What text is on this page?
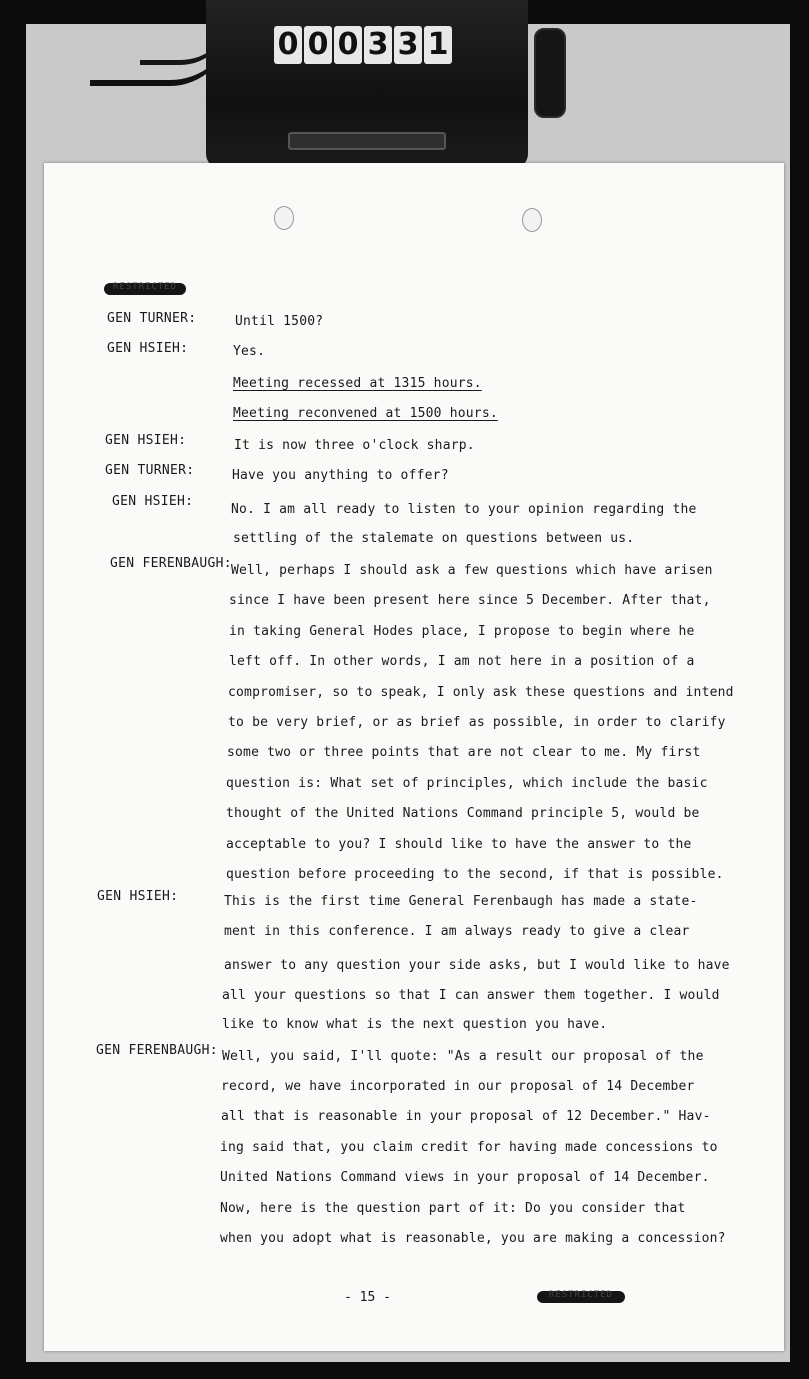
0 0 0 3 3 1
RESTRICTED
GEN TURNER:
GEN HSIEH:
GEN HSIEH:
GEN TURNER:
GEN HSIEH:
GEN FERENBAUGH:
GEN HSIEH:
GEN FERENBAUGH:
Until 1500?
Yes.
Meeting recessed at 1315 hours.
Meeting reconvened at 1500 hours.
It is now three o'clock sharp.
Have you anything to offer?
No. I am all ready to listen to your opinion regarding the
settling of the stalemate on questions between us.
Well, perhaps I should ask a few questions which have arisen
since I have been present here since 5 December. After that,
in taking General Hodes place, I propose to begin where he
left off. In other words, I am not here in a position of a
compromiser, so to speak, I only ask these questions and intend
to be very brief, or as brief as possible, in order to clarify
some two or three points that are not clear to me. My first
question is: What set of principles, which include the basic
thought of the United Nations Command principle 5, would be
acceptable to you? I should like to have the answer to the
question before proceeding to the second, if that is possible.
This is the first time General Ferenbaugh has made a state-
ment in this conference. I am always ready to give a clear
answer to any question your side asks, but I would like to have
all your questions so that I can answer them together. I would
like to know what is the next question you have.
Well, you said, I'll quote: "As a result our proposal of the
record, we have incorporated in our proposal of 14 December
all that is reasonable in your proposal of 12 December." Hav-
ing said that, you claim credit for having made concessions to
United Nations Command views in your proposal of 14 December.
Now, here is the question part of it: Do you consider that
when you adopt what is reasonable, you are making a concession?
- 15 -	RESTRICTED
